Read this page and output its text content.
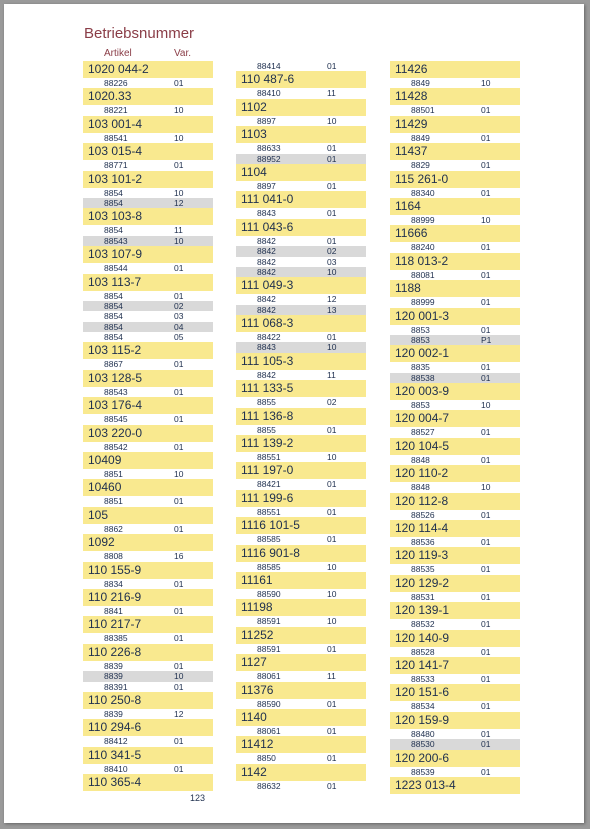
Betriebsnummer
Artikel	Var.
1020 044-2
88226	01
1020.33
88221	10
103 001-4
88541	10
103 015-4
88771	01
103 101-2
8854	10
8854	12
103 103-8
8854	11
88543	10
103 107-9
88544	01
103 113-7
8854	01
8854	02
8854	03
8854	04
8854	05
103 115-2
8867	01
103 128-5
88543	01
103 176-4
88545	01
103 220-0
88542	01
10409
8851	10
10460
8851	01
105
8862	01
1092
8808	16
110 155-9
8834	01
110 216-9
8841	01
110 217-7
88385	01
110 226-8
8839	01
8839	10
88391	01
110 250-8
8839	12
110 294-6
88412	01
110 341-5
88410	01
110 365-4
88414	01
110 487-6
88410	11
1102
8897	10
1103
88633	01
88952	01
1104
8897	01
111 041-0
8843	01
111 043-6
8842	01
8842	02
8842	03
8842	10
111 049-3
8842	12
8842	13
111 068-3
88422	01
8843	10
111 105-3
8842	11
111 133-5
8855	02
111 136-8
8855	01
111 139-2
88551	10
111 197-0
88421	01
111 199-6
88551	01
1116 101-5
88585	01
1116 901-8
88585	10
11161
88590	10
11198
88591	10
11252
88591	01
1127
88061	11
11376
88590	01
1140
88061	01
11412
8850	01
1142
88632	01
11426
8849	10
11428
88501	01
11429
8849	01
11437
8829	01
115 261-0
88340	01
1164
88999	10
11666
88240	01
118 013-2
88081	01
1188
88999	01
120 001-3
8853	01
8853	P1
120 002-1
8835	01
88538	01
120 003-9
8853	10
120 004-7
88527	01
120 104-5
8848	01
120 110-2
8848	10
120 112-8
88526	01
120 114-4
88536	01
120 119-3
88535	01
120 129-2
88531	01
120 139-1
88532	01
120 140-9
88528	01
120 141-7
88533	01
120 151-6
88534	01
120 159-9
88480	01
88530	01
120 200-6
88539	01
1223 013-4
123
